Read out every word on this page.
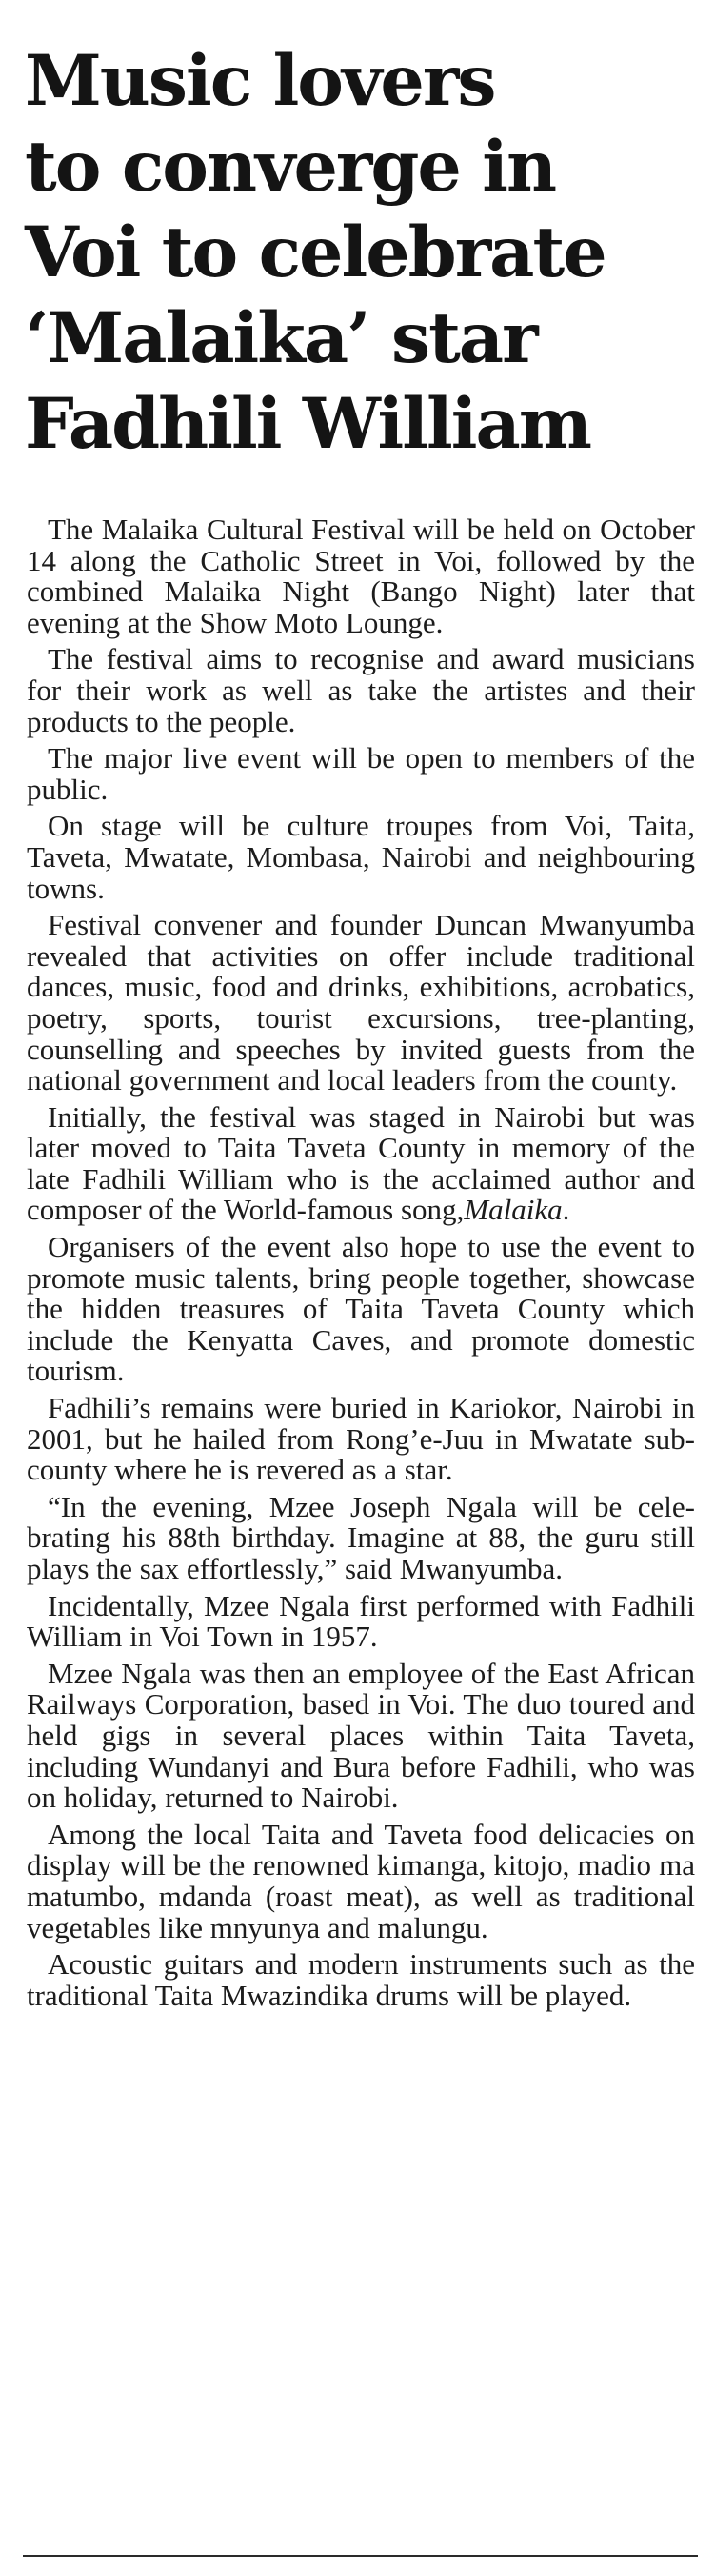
Music lovers
to converge in
Voi to celebrate
‘Malaika’ star
Fadhili William

The Malaika Cultural Festival will be held on October 14 along the Catholic Street in Voi, followed by the combined Malaika Night (Bango Night) later that evening at the Show Moto Lounge.

The festival aims to recognise and award musicians for their work as well as take the artistes and their products to the people.

The major live event will be open to members of the public.

On stage will be culture troupes from Voi, Taita, Taveta, Mwatate, Mombasa, Nairobi and neighbouring towns.

Festival convener and founder Duncan Mwanyumba revealed that activities on offer include traditional dances, music, food and drinks, exhibitions, acrobatics, poetry, sports, tourist excursions, tree-planting, counselling and speeches by invited guests from the national government and local leaders from the county.

Initially, the festival was staged in Nairobi but was later moved to Taita Taveta County in memory of the late Fadhili William who is the acclaimed author and composer of the World-famous song,Malaika.

Organisers of the event also hope to use the event to promote music talents, bring people together, showcase the hidden treasures of Taita Taveta County which include the Kenyatta Caves, and promote domestic tourism.

Fadhili’s remains were buried in Kariokor, Nairobi in 2001, but he hailed from Rong’e-Juu in Mwatate sub-county where he is revered as a star.

“In the evening, Mzee Joseph Ngala will be celebrating his 88th birthday. Imagine at 88, the guru still plays the sax effortlessly,” said Mwanyumba.

Incidentally, Mzee Ngala first performed with Fadhili William in Voi Town in 1957.

Mzee Ngala was then an employee of the East African Railways Corporation, based in Voi. The duo toured and held gigs in several places within Taita Taveta, including Wundanyi and Bura before Fadhili, who was on holiday, returned to Nairobi.

Among the local Taita and Taveta food delicacies on display will be the renowned kimanga, kitojo, madio ma matumbo, mdanda (roast meat), as well as traditional vegetables like mnyunya and malungu.

Acoustic guitars and modern instruments such as the traditional Taita Mwazindika drums will be played.
